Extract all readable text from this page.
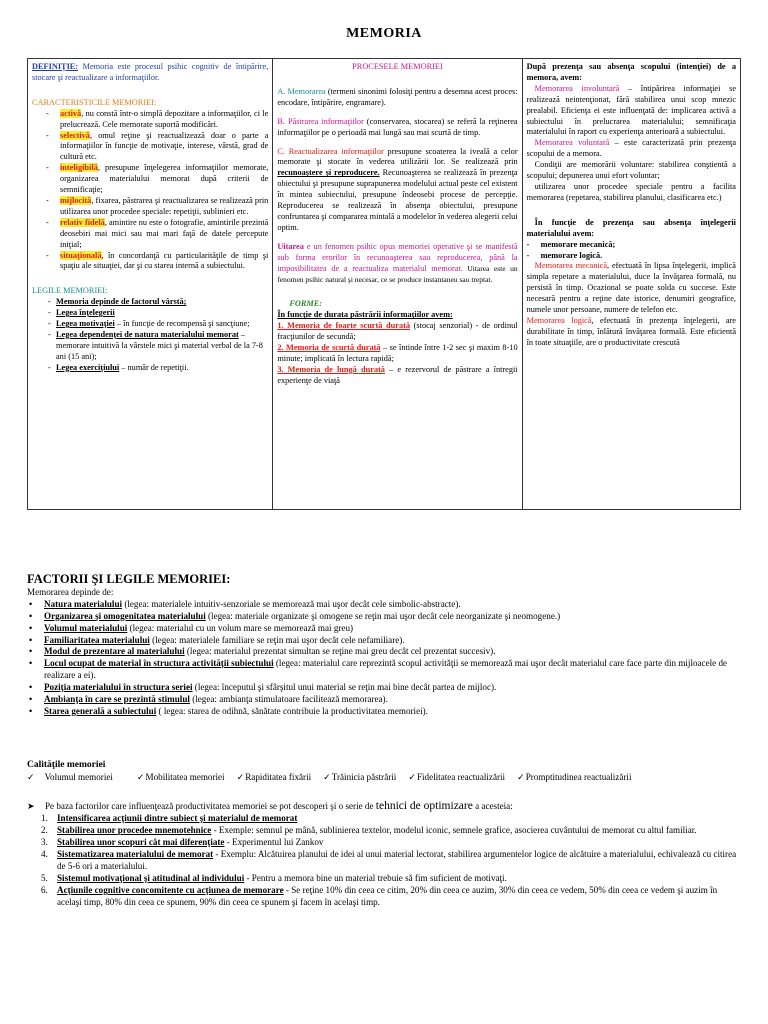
MEMORIA

DEFINIŢIE: Memoria este procesul psihic cognitiv de întipărire, stocare şi reactualizare a informaţiilor.

CARACTERISTICILE MEMORIEI:

- activă, nu constă într-o simplă depozitare a informaţiilor, ci le prelucrează. Cele memorate suportă modificări.
- selectivă, omul reţine şi reactualizează doar o parte a informaţiilor în funcţie de motivaţie, interese, vârstă, grad de cultură etc.
- inteligibilă, presupune înţelegerea informaţiilor memorate, organizarea materialului memorat după criterii de semnificaţie;
- mijlocită, fixarea, păstrarea şi reactualizarea se realizează prin utilizarea unor procedee speciale: repetiţii, sublinieri etc.
- relativ fidelă, amintire nu este o fotografie, amintirile prezintă deosebiri mai mici sau mai mari faţă de datele percepute iniţial;
- situaţională, în concordanţă cu particularităţile de timp şi spaţiu ale situaţiei, dar şi cu starea internă a subiectului.

LEGILE MEMORIEI:

- Memoria depinde de factorul vârstă;
- Legea înţelegerii
- Legea motivaţiei – în funcţie de recompensă şi sancţiune;
- Legea dependenţei de natura materialului memorat – memorare intuitivă la vârstele mici şi material verbal de la 7-8 ani (15 ani);
- Legea exerciţiului – număr de repetiţii.

PROCESELE MEMORIEI

A. Memorarea (termeni sinonimi folosiţi pentru a desemna acest proces: encodare, întipărire, engramare).

B. Păstrarea informaţiilor (conservarea, stocarea) se referă la reţinerea informaţiilor pe o perioadă mai lungă sau mai scurtă de timp.

C. Reactualizarea informaţiilor presupune scoaterea la iveală a celor memorate şi stocate în vederea utilizării lor. Se realizează prin recunoaştere şi reproducere. Recunoaşterea se realizează în prezenţa obiectului şi presupune suprapunerea modelului actual peste cel existent în mintea subiectului, presupune îndeosebi procese de percepţie. Reproducerea se realizează în absenţa obiectului, presupune confruntarea şi compararea mintală a modelelor în vederea alegerii celui optim.

Uitarea e un fenomen psihic opus memoriei operative şi se manifestă sub forma erorilor în recunoaşterea sau reproducerea, până la imposibilitatea de a reactualiza materialul memorat. Uitarea este un fenomen psihic natural şi necesar, ce se produce instantaneu sau treptat.

FORME:

În funcţie de durata păstrării informaţiilor avem:

1. Memoria de foarte scurtă durată (stocaj senzorial) - de ordinul fracţiunilor de secundă;

2. Memoria de scurtă durată – se întinde între 1-2 sec şi maxim 8-10 minute; implicată în lectura rapidă;

3. Memoria de lungă durată – e rezervorul de păstrare a întregii experienţe de viaţă

După prezenţa sau absenţa scopului (intenţiei) de a memora, avem:

Memorarea involuntară – întipărirea informaţiei se realizează neintenţionat, fără stabilirea unui scop mnezic prealabil. Eficienţa ei este influenţată de: implicarea activă a subiectului în prelucrarea materialului; semnificaţia materialului în raport cu experienţa anterioară a subiectului.

Memorarea voluntară – este caracterizată prin prezenţa scopului de a memora.

Condiţii are memorării voluntare: stabilirea conştientă a scopului; depunerea unui efort voluntar;

utilizarea unor procedee speciale pentru a facilita memorarea (repetarea, stabilirea planului, clasificarea etc.)

În funcţie de prezenţa sau absenţa înţelegerii materialului avem:

- memorare mecanică;
- memorare logică.

Memorarea mecanică, efectuată în lipsa înţelegerii, implică simpla repetare a materialului, duce la învăţarea formală, nu persistă în timp. Ocazional se poate solda cu succese. Este necesară pentru a reţine date istorice, denumiri geografice, numele unor persoane, numere de telefon etc.

Memorarea logică, efectuată în prezenţa înţelegerii, are durabilitate în timp, înlătură învăţarea formală. Este eficientă în toate situaţiile, are o productivitate crescută

FACTORII ŞI LEGILE MEMORIEI:
Memorarea depinde de:
• Natura materialului (legea: materialele intuitiv-senzoriale se memorează mai uşor decât cele simbolic-abstracte).
• Organizarea şi omogenitatea materialului (legea: materiale organizate şi omogene se reţin mai uşor decât cele neorganizate şi neomogene.)
• Volumul materialului (legea: materialul cu un volum mare se memorează mai greu)
• Familiaritatea materialului (legea: materialele familiare se reţin mai uşor decât cele nefamiliare).
• Modul de prezentare al materialului (legea: materialul prezentat simultan se reţine mai greu decât cel prezentat succesiv).
• Locul ocupat de material în structura activităţii subiectului (legea: materialul care reprezintă scopul activităţii se memorează mai uşor decât materialul care face parte din mijloacele de realizare a ei).
• Poziţia materialului în structura seriei (legea: începutul şi sfârşitul unui material se reţin mai bine decât partea de mijloc).
• Ambianţa în care se prezintă stimulul (legea: ambianţa stimulatoare facilitează memorarea).
• Starea generală a subiectului ( legea: starea de odihnă, sănătate contribuie la productivitatea memoriei).
Calităţile memoriei
✓ Volumul memoriei	✓Mobilitatea memoriei	✓Rapiditatea fixării	✓Trăinicia păstrării	✓Fidelitatea reactualizării	✓Promptitudinea reactualizării
➤ Pe baza factorilor care influenţează productivitatea memoriei se pot descoperi şi o serie de tehnici de optimizare a acesteia:
1. Intensificarea acţiunii dintre subiect şi materialul de memorat
2. Stabilirea unor procedee mnemotehnice - Exemple: semnul pe mână, sublinierea textelor, modelul iconic, semnele grafice, asocierea cuvântului de memorat cu altul familiar.
3. Stabilirea unor scopuri cât mai diferenţiate - Experimentul lui Zankov
4. Sistematizarea materialului de memorat - Exemplu: Alcătuirea planului de idei al unui material lectorat, stabilirea argumentelor logice de alcătuire a materialului, echivalează cu citirea de 5-6 ori a materialului.
5. Sistemul motivaţional şi atitudinal al individului - Pentru a memora bine un material trebuie să fim suficient de motivaţi.
6. Acţiunile cognitive concomitente cu acţiunea de memorare - Se reţine 10% din ceea ce citim, 20% din ceea ce auzim, 30% din ceea ce vedem, 50% din ceea ce vedem şi auzim în acelaşi timp, 80% din ceea ce spunem, 90% din ceea ce spunem şi facem în acelaşi timp.
